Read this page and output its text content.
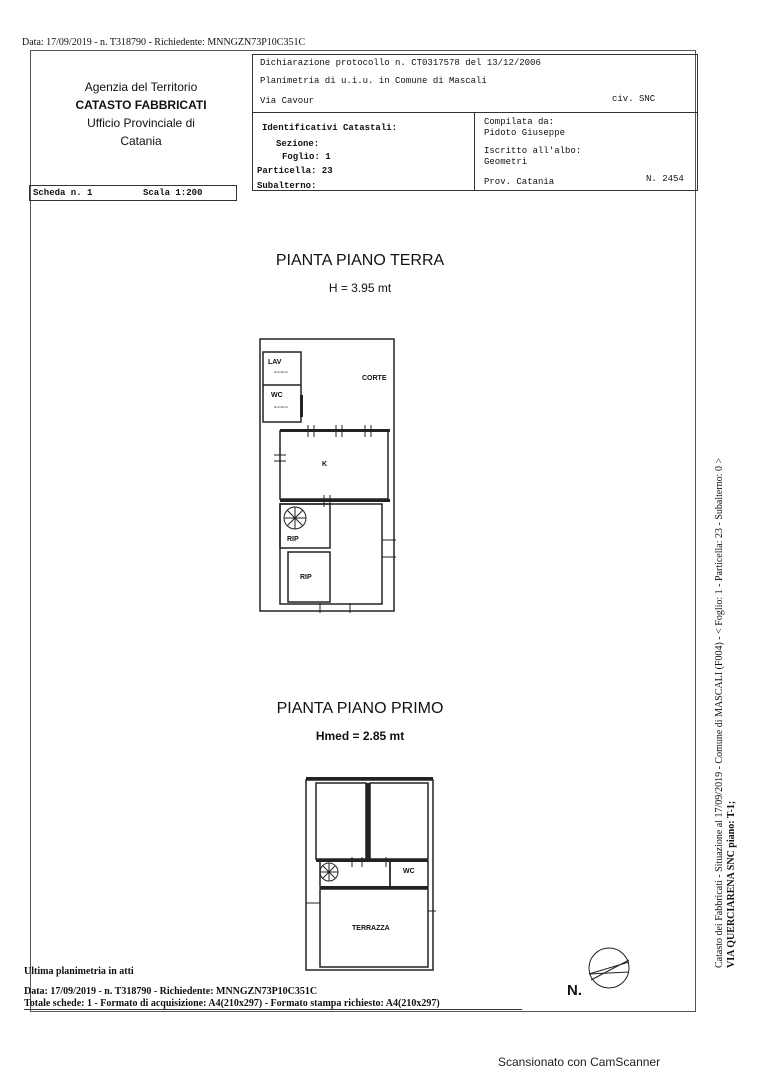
Data: 17/09/2019 - n. T318790 - Richiedente: MNNGZN73P10C351C
Agenzia del Territorio
CATASTO FABBRICATI
Ufficio Provinciale di
Catania
Dichiarazione protocollo n. CT0317578 del 13/12/2006
Planimetria di u.i.u. in Comune di Mascali
Via Cavour	civ. SNC
Identificativi Catastali:
Sezione:
Foglio: 1
Particella: 23
Subalterno:
Compilata da:
Pidoto Giuseppe
Iscritto all'albo:
Geometri
Prov. Catania	N. 2454
Scheda n. 1	Scala 1:200
PIANTA PIANO TERRA
H = 3.95 mt
LAV
H=2.40 mt
WC
H=2.40 mt
CORTE
K
RIP
RIP
PIANTA PIANO PRIMO
Hmed = 2.85 mt
WC
TERRAZZA
N.
Ultima planimetria in atti
Data: 17/09/2019 - n. T318790 - Richiedente: MNNGZN73P10C351C
Totale schede: 1 - Formato di acquisizione: A4(210x297) - Formato stampa richiesto: A4(210x297)
Catasto dei Fabbricati - Situazione al 17/09/2019 - Comune di MASCALI (F004) - < Foglio: 1 - Particella: 23 - Subalterno: 0 > VIA QUERCIARENA SNC piano: T-1;
Scansionato con CamScanner
